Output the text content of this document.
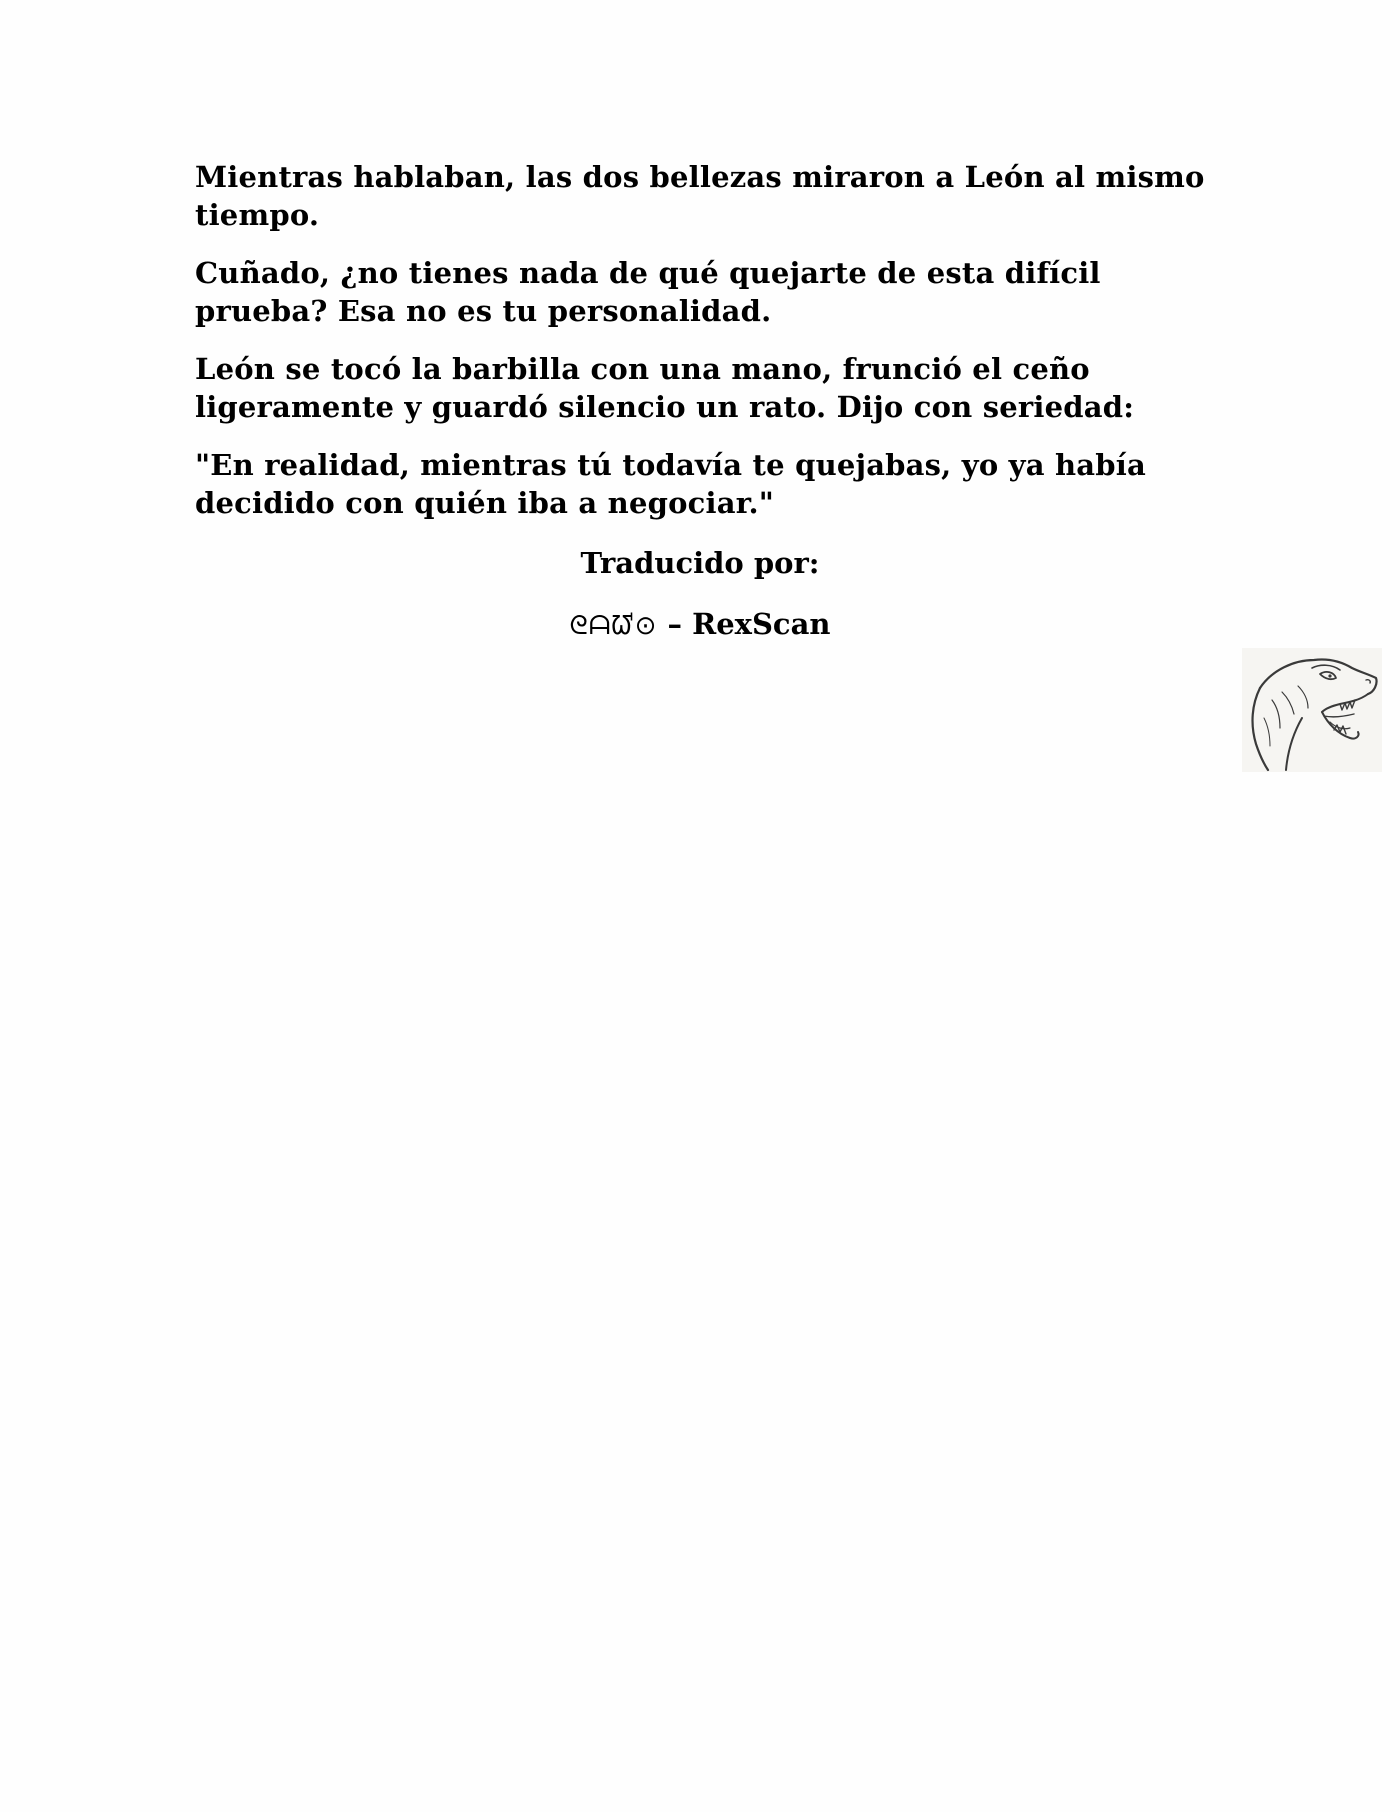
Mientras hablaban, las dos bellezas miraron a León al mismo tiempo.

Cuñado, ¿no tienes nada de qué quejarte de esta difícil prueba? Esa no es tu personalidad.

León se tocó la barbilla con una mano, frunció el ceño ligeramente y guardó silencio un rato. Dijo con seriedad:

"En realidad, mientras tú todavía te quejabas, yo ya había decidido con quién iba a negociar."

Traducido por:
ᘓᗩᘺ⊙ – RexScan
